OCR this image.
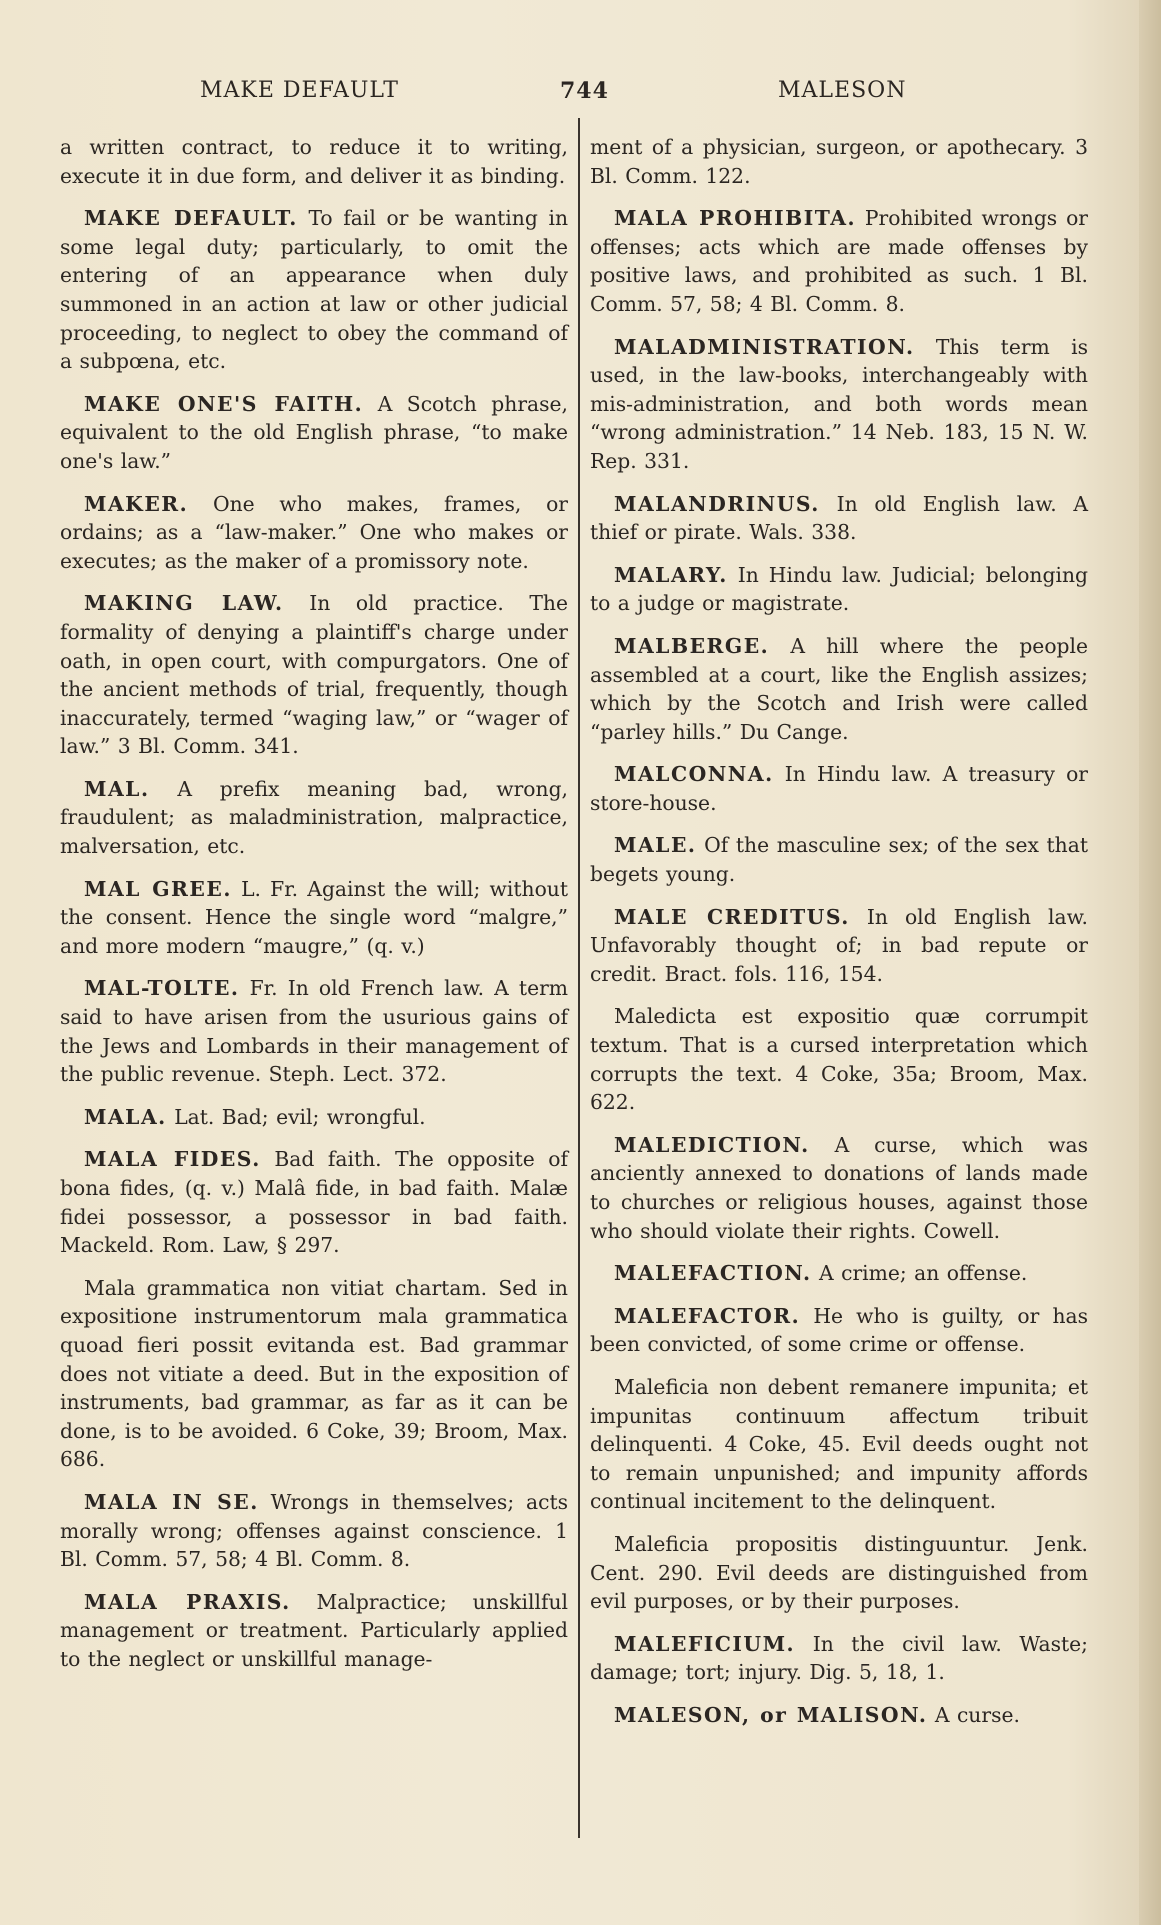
MAKE DEFAULT	744	MALESON

a written contract, to reduce it to writing, execute it in due form, and deliver it as binding.

MAKE DEFAULT. To fail or be wanting in some legal duty; particularly, to omit the entering of an appearance when duly summoned in an action at law or other judicial proceeding, to neglect to obey the command of a subpœna, etc.

MAKE ONE'S FAITH. A Scotch phrase, equivalent to the old English phrase, “to make one's law.”

MAKER. One who makes, frames, or ordains; as a “law-maker.” One who makes or executes; as the maker of a promissory note.

MAKING LAW. In old practice. The formality of denying a plaintiff's charge under oath, in open court, with compurgators. One of the ancient methods of trial, frequently, though inaccurately, termed “waging law,” or “wager of law.” 3 Bl. Comm. 341.

MAL. A prefix meaning bad, wrong, fraudulent; as maladministration, malpractice, malversation, etc.

MAL GREE. L. Fr. Against the will; without the consent. Hence the single word “malgre,” and more modern “maugre,” (q. v.)

MAL-TOLTE. Fr. In old French law. A term said to have arisen from the usurious gains of the Jews and Lombards in their management of the public revenue. Steph. Lect. 372.

MALA. Lat. Bad; evil; wrongful.

MALA FIDES. Bad faith. The opposite of bona fides, (q. v.) Malâ fide, in bad faith. Malæ fidei possessor, a possessor in bad faith. Mackeld. Rom. Law, § 297.

Mala grammatica non vitiat chartam. Sed in expositione instrumentorum mala grammatica quoad fieri possit evitanda est. Bad grammar does not vitiate a deed. But in the exposition of instruments, bad grammar, as far as it can be done, is to be avoided. 6 Coke, 39; Broom, Max. 686.

MALA IN SE. Wrongs in themselves; acts morally wrong; offenses against conscience. 1 Bl. Comm. 57, 58; 4 Bl. Comm. 8.

MALA PRAXIS. Malpractice; unskillful management or treatment. Particularly applied to the neglect or unskillful manage-

ment of a physician, surgeon, or apothecary. 3 Bl. Comm. 122.

MALA PROHIBITA. Prohibited wrongs or offenses; acts which are made offenses by positive laws, and prohibited as such. 1 Bl. Comm. 57, 58; 4 Bl. Comm. 8.

MALADMINISTRATION. This term is used, in the law-books, interchangeably with mis-administration, and both words mean “wrong administration.” 14 Neb. 183, 15 N. W. Rep. 331.

MALANDRINUS. In old English law. A thief or pirate. Wals. 338.

MALARY. In Hindu law. Judicial; belonging to a judge or magistrate.

MALBERGE. A hill where the people assembled at a court, like the English assizes; which by the Scotch and Irish were called “parley hills.” Du Cange.

MALCONNA. In Hindu law. A treasury or store-house.

MALE. Of the masculine sex; of the sex that begets young.

MALE CREDITUS. In old English law. Unfavorably thought of; in bad repute or credit. Bract. fols. 116, 154.

Maledicta est expositio quæ corrumpit textum. That is a cursed interpretation which corrupts the text. 4 Coke, 35a; Broom, Max. 622.

MALEDICTION. A curse, which was anciently annexed to donations of lands made to churches or religious houses, against those who should violate their rights. Cowell.

MALEFACTION. A crime; an offense.

MALEFACTOR. He who is guilty, or has been convicted, of some crime or offense.

Maleficia non debent remanere impunita; et impunitas continuum affectum tribuit delinquenti. 4 Coke, 45. Evil deeds ought not to remain unpunished; and impunity affords continual incitement to the delinquent.

Maleficia propositis distinguuntur. Jenk. Cent. 290. Evil deeds are distinguished from evil purposes, or by their purposes.

MALEFICIUM. In the civil law. Waste; damage; tort; injury. Dig. 5, 18, 1.

MALESON, or MALISON. A curse.
